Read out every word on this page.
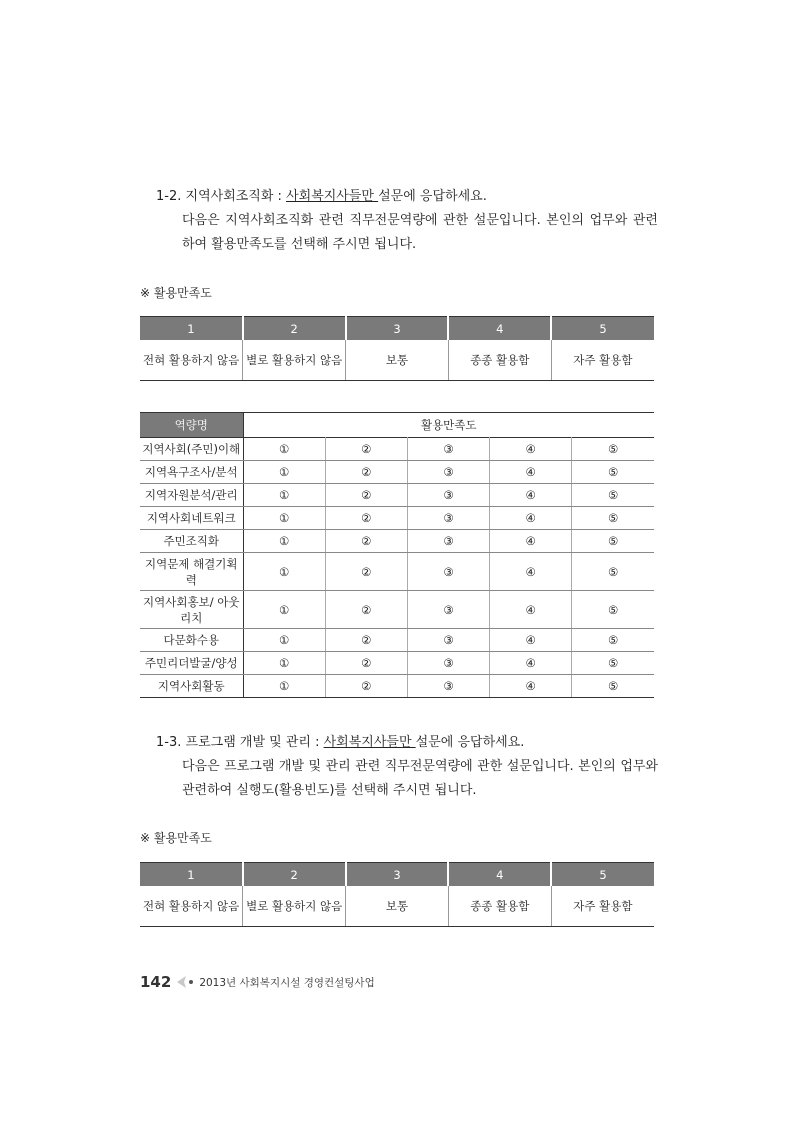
1-2. 지역사회조직화 : 사회복지사들만 설문에 응답하세요.
다음은 지역사회조직화 관련 직무전문역량에 관한 설문입니다. 본인의 업무와 관련하여 활용만족도를 선택해 주시면 됩니다.
※ 활용만족도
1	2	3	4	5
전혀 활용하지 않음	별로 활용하지 않음	보통	종종 활용함	자주 활용함
역량명	활용만족도				
지역사회(주민)이해	①	②	③	④	⑤
지역욕구조사/분석	①	②	③	④	⑤
지역자원분석/관리	①	②	③	④	⑤
지역사회네트워크	①	②	③	④	⑤
주민조직화	①	②	③	④	⑤
지역문제 해결기획력	①	②	③	④	⑤
지역사회홍보/ 아웃리치	①	②	③	④	⑤
다문화수용	①	②	③	④	⑤
주민리더발굴/양성	①	②	③	④	⑤
지역사회활동	①	②	③	④	⑤
1-3. 프로그램 개발 및 관리 : 사회복지사들만 설문에 응답하세요.
다음은 프로그램 개발 및 관리 관련 직무전문역량에 관한 설문입니다. 본인의 업무와 관련하여 실행도(활용빈도)를 선택해 주시면 됩니다.
※ 활용만족도
1	2	3	4	5
전혀 활용하지 않음	별로 활용하지 않음	보통	종종 활용함	자주 활용함
142	2013년 사회복지시설 경영컨설팅사업
